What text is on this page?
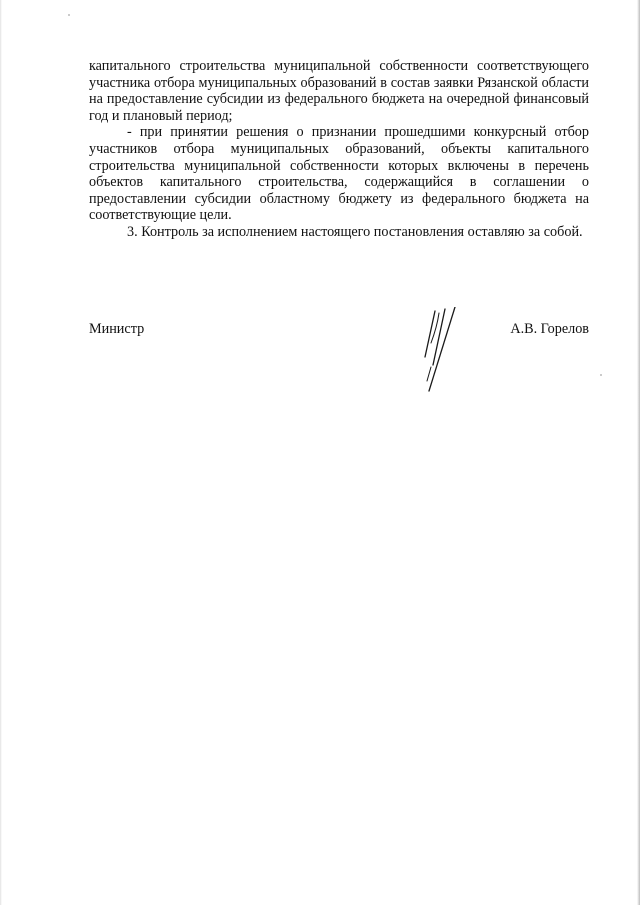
капитального строительства муниципальной собственности соответствующего участника отбора муниципальных образований в состав заявки Рязанской области на предоставление субсидии из федерального бюджета на очередной финансовый год и плановый период;

- при принятии решения о признании прошедшими конкурсный отбор участников отбора муниципальных образований, объекты капитального строительства муниципальной собственности которых включены в перечень объектов капитального строительства, содержащийся в соглашении о предоставлении субсидии областному бюджету из федерального бюджета на соответствующие цели.

3. Контроль за исполнением настоящего постановления оставляю за собой.

Министр	А.В. Горелов
